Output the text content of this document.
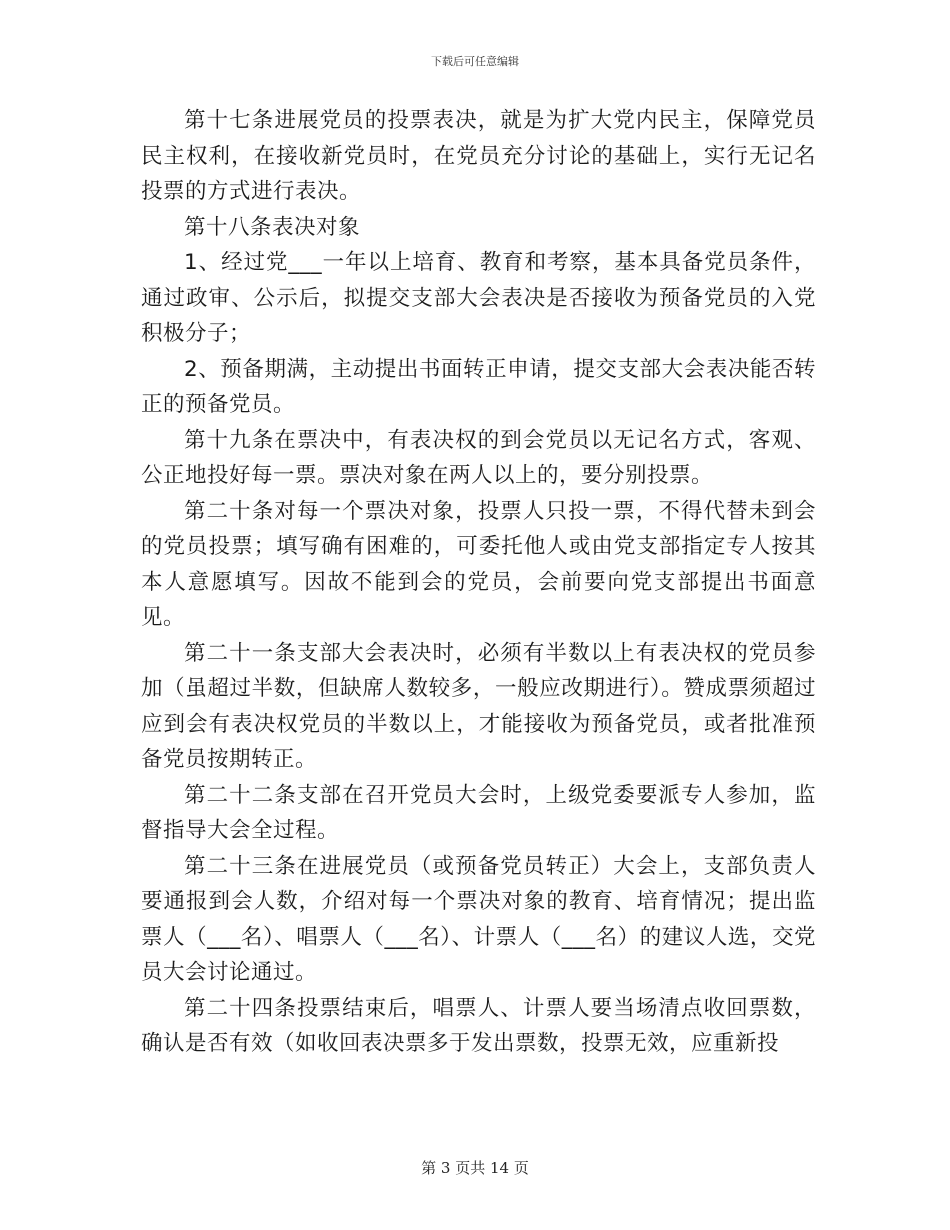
下载后可任意编辑

第十七条进展党员的投票表决，就是为扩大党内民主，保障党员民主权利，在接收新党员时，在党员充分讨论的基础上，实行无记名投票的方式进行表决。

第十八条表决对象

1、经过党___一年以上培育、教育和考察，基本具备党员条件，通过政审、公示后，拟提交支部大会表决是否接收为预备党员的入党积极分子；

2、预备期满，主动提出书面转正申请，提交支部大会表决能否转正的预备党员。

第十九条在票决中，有表决权的到会党员以无记名方式，客观、公正地投好每一票。票决对象在两人以上的，要分别投票。

第二十条对每一个票决对象，投票人只投一票，不得代替未到会的党员投票；填写确有困难的，可委托他人或由党支部指定专人按其本人意愿填写。因故不能到会的党员，会前要向党支部提出书面意见。

第二十一条支部大会表决时，必须有半数以上有表决权的党员参加（虽超过半数，但缺席人数较多，一般应改期进行）。赞成票须超过应到会有表决权党员的半数以上，才能接收为预备党员，或者批准预备党员按期转正。

第二十二条支部在召开党员大会时，上级党委要派专人参加，监督指导大会全过程。

第二十三条在进展党员（或预备党员转正）大会上，支部负责人要通报到会人数，介绍对每一个票决对象的教育、培育情况；提出监票人（___名）、唱票人（___名）、计票人（___名）的建议人选，交党员大会讨论通过。

第二十四条投票结束后，唱票人、计票人要当场清点收回票数，确认是否有效（如收回表决票多于发出票数，投票无效，应重新投

第 3 页共 14 页
